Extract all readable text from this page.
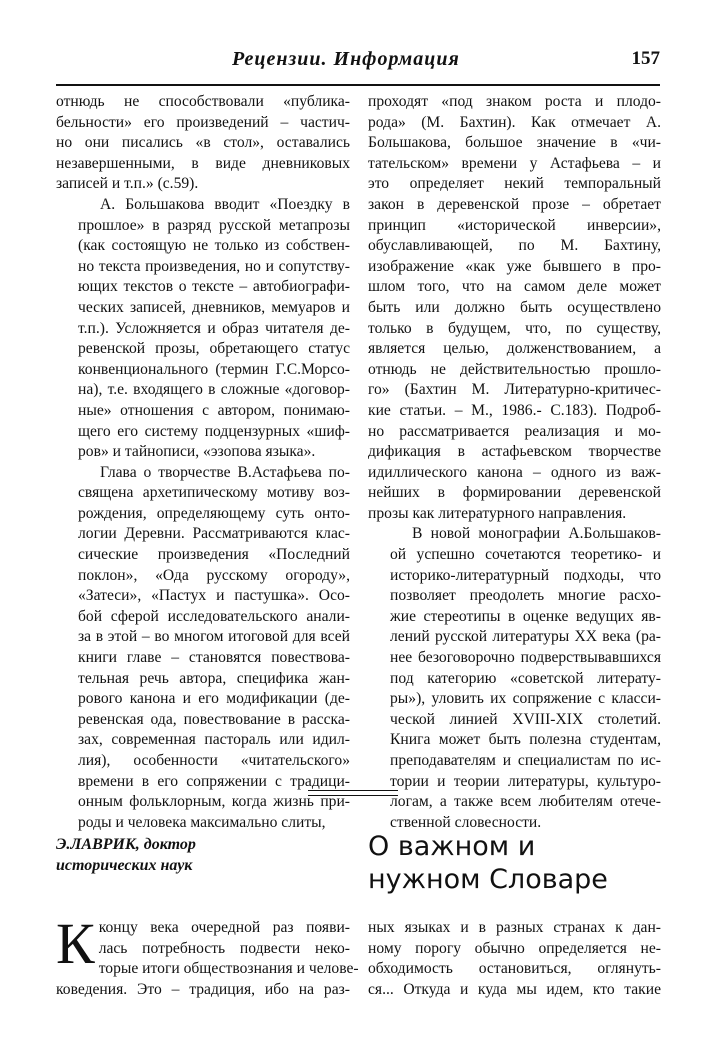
Рецензии. Информация	157

отнюдь не способствовали «публика-
бельности» его произведений – частич-
но они писались «в стол», оставались
незавершенными, в виде дневниковых
записей и т.п.» (с.59).

А. Большакова вводит «Поездку в
прошлое» в разряд русской метапрозы
(как состоящую не только из собствен-
но текста произведения, но и сопутству-
ющих текстов о тексте – автобиографи-
ческих записей, дневников, мемуаров и
т.п.). Усложняется и образ читателя де-
ревенской прозы, обретающего статус
конвенционального (термин Г.С.Морсо-
на), т.е. входящего в сложные «договор-
ные» отношения с автором, понимаю-
щего его систему подцензурных «шиф-
ров» и тайнописи, «эзопова языка».

Глава о творчестве В.Астафьева по-
священа архетипическому мотиву воз-
рождения, определяющему суть онто-
логии Деревни. Рассматриваются клас-
сические произведения «Последний
поклон», «Ода русскому огороду»,
«Затеси», «Пастух и пастушка». Осо-
бой сферой исследовательского анали-
за в этой – во многом итоговой для всей
книги главе – становятся повествова-
тельная речь автора, специфика жан-
рового канона и его модификации (де-
ревенская ода, повествование в расска-
зах, современная пастораль или идил-
лия), особенности «читательского»
времени в его сопряжении с традици-
онным фольклорным, когда жизнь при-
роды и человека максимально слиты,

проходят «под знаком роста и плодо-
рода» (М. Бахтин). Как отмечает А.
Большакова, большое значение в «чи-
тательском» времени у Астафьева – и
это определяет некий темпоральный
закон в деревенской прозе – обретает
принцип «исторической инверсии»,
обуславливающей, по М. Бахтину,
изображение «как уже бывшего в про-
шлом того, что на самом деле может
быть или должно быть осуществлено
только в будущем, что, по существу,
является целью, долженствованием, а
отнюдь не действительностью прошло-
го» (Бахтин М. Литературно-критичес-
кие статьи. – М., 1986.- С.183). Подроб-
но рассматривается реализация и мо-
дификация в астафьевском творчестве
идиллического канона – одного из важ-
нейших в формировании деревенской
прозы как литературного направления.

В новой монографии А.Большаков-
ой успешно сочетаются теоретико- и
историко-литературный подходы, что
позволяет преодолеть многие расхо-
жие стереотипы в оценке ведущих яв-
лений русской литературы XX века (ра-
нее безоговорочно подверствывавшихся
под категорию «советской литерату-
ры»), уловить их сопряжение с класси-
ческой линией XVIII-XIX столетий.
Книга может быть полезна студентам,
преподавателям и специалистам по ис-
тории и теории литературы, культуро-
логам, а также всем любителям отече-
ственной словесности.

Э.ЛАВРИК, доктор
исторических наук
О важном и
нужном Словаре
К концу века очередной раз появи-
лась потребность подвести неко-
торые итоги обществознания и челове-
коведения. Это – традиция, ибо на раз-
ных языках и в разных странах к дан-
ному порогу обычно определяется не-
обходимость остановиться, оглянуть-
ся... Откуда и куда мы идем, кто такие
